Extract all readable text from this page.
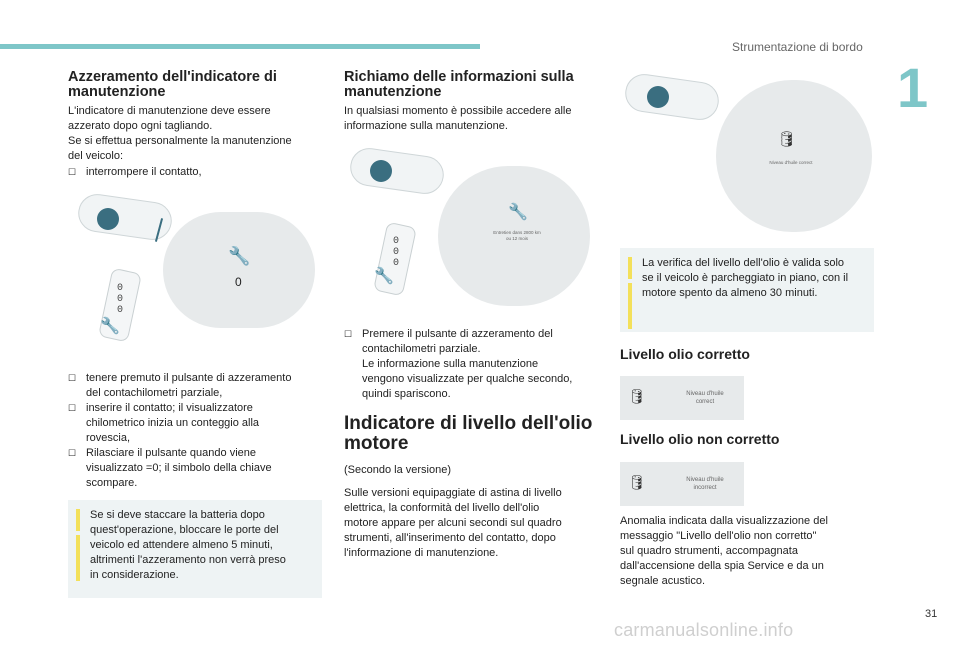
Strumentazione di bordo
1
Azzeramento dell'indicatore di manutenzione
L'indicatore di manutenzione deve essere
azzerato dopo ogni tagliando.
Se si effettua personalmente la manutenzione
del veicolo:
☐ interrompere il contatto,
🔧
0
0
0
0
🔧
☐ tenere premuto il pulsante di azzeramento
del contachilometri parziale,
☐ inserire il contatto; il visualizzatore
chilometrico inizia un conteggio alla
rovescia,
☐ Rilasciare il pulsante quando viene
visualizzato =0; il simbolo della chiave
scompare.
Se si deve staccare la batteria dopo
quest'operazione, bloccare le porte del
veicolo ed attendere almeno 5 minuti,
altrimenti l'azzeramento non verrà preso
in considerazione.
Richiamo delle informazioni sulla manutenzione
In qualsiasi momento è possibile accedere alle
informazione sulla manutenzione.
🔧
Entretien dans 2800 km
ou 12 mois
0
0
0
🔧
☐ Premere il pulsante di azzeramento del
contachilometri parziale.
Le informazione sulla manutenzione
vengono visualizzate per qualche secondo,
quindi spariscono.
Indicatore di livello dell'olio
motore
(Secondo la versione)
Sulle versioni equipaggiate di astina di livello
elettrica, la conformità del livello dell'olio
motore appare per alcuni secondi sul quadro
strumenti, all'inserimento del contatto, dopo
l'informazione di manutenzione.
🛢
Niveau d'huile correct
La verifica del livello dell'olio è valida solo
se il veicolo è parcheggiato in piano, con il
motore spento da almeno 30 minuti.
Livello olio corretto
🛢	Niveau d'huile
correct
Livello olio non corretto
🛢	Niveau d'huile
incorrect
Anomalia indicata dalla visualizzazione del
messaggio "Livello dell'olio non corretto"
sul quadro strumenti, accompagnata
dall'accensione della spia Service e da un
segnale acustico.
31
carmanualsonline.info
